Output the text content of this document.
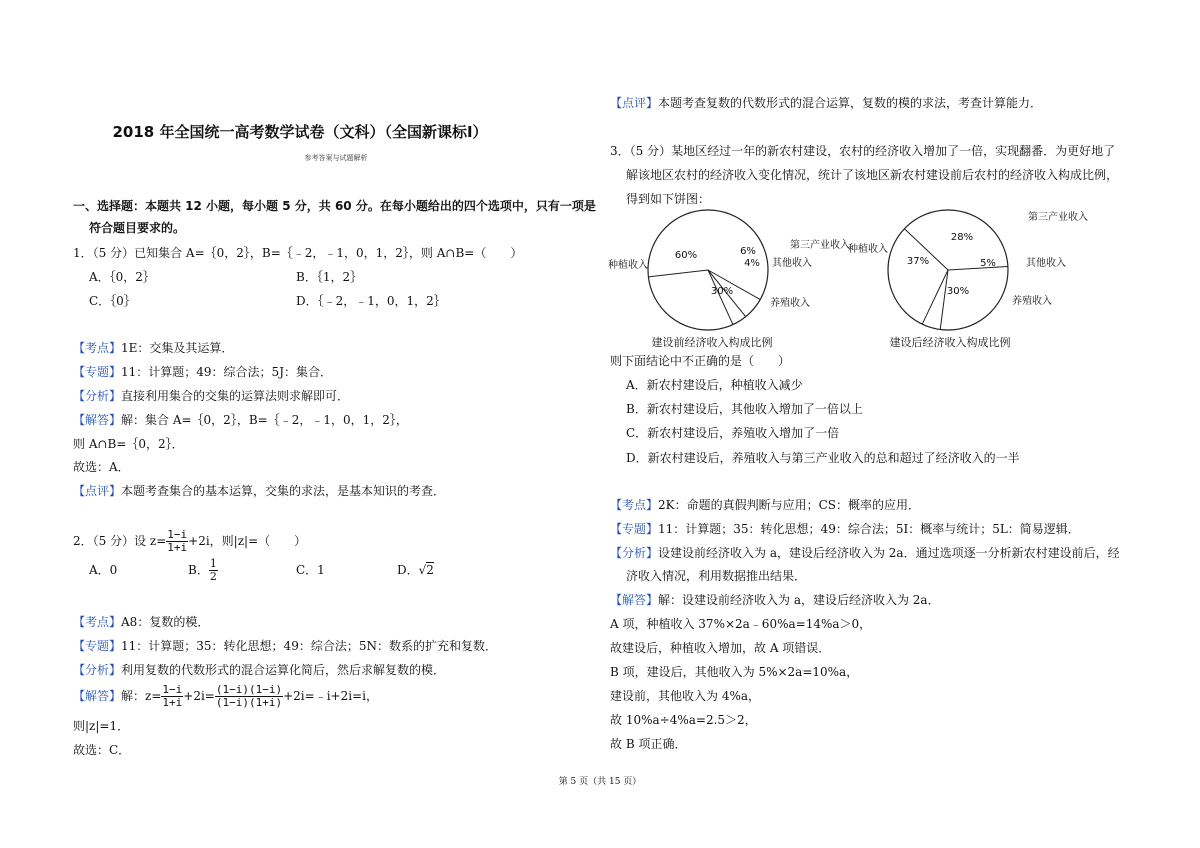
2018 年全国统一高考数学试卷（文科）（全国新课标Ⅰ）
参考答案与试题解析
一、选择题：本题共 12 小题，每小题 5 分，共 60 分。在每小题给出的四个选项中，只有一项是
符合题目要求的。
1．（5 分）已知集合 A=｛0，2｝，B=｛﹣2，﹣1，0，1，2｝，则 A∩B=（　　）
A．｛0，2｝	B．｛1，2｝
C．｛0｝	D．｛﹣2，﹣1，0，1，2｝
【考点】1E：交集及其运算．
【专题】11：计算题；49：综合法；5J：集合．
【分析】直接利用集合的交集的运算法则求解即可．
【解答】解：集合 A=｛0，2｝，B=｛﹣2，﹣1，0，1，2｝，
则 A∩B=｛0，2｝．
故选：A．
【点评】本题考查集合的基本运算，交集的求法，是基本知识的考查．
2．（5 分）设 $z= \frac{1-i}{1+i} +2i$，则|z|=（　　）
A．0	B． $\frac{1}{2}$	C．1	D．√2
【考点】A8：复数的模．
【专题】11：计算题；35：转化思想；49：综合法；5N：数系的扩充和复数．
【分析】利用复数的代数形式的混合运算化简后，然后求解复数的模．
【解答】解：$z= \frac{1-i}{1+i} +2i= \frac{(1-i)(1-i)}{(1-i)(1+i)}$ +2i=﹣i+2i=i，
则|z|=1．
故选：C．
【点评】本题考查复数的代数形式的混合运算，复数的模的求法，考查计算能力．
3．（5 分）某地区经过一年的新农村建设，农村的经济收入增加了一倍，实现翻番．为更好地了
解该地区农村的经济收入变化情况，统计了该地区新农村建设前后农村的经济收入构成比例，
得到如下饼图：
60%	6%
4%
30%
种植收入
第三产业收入
其他收入
养殖收入
建设前经济收入构成比例
37%
28%
5%
30%
种植收入
第三产业收入
其他收入
养殖收入
建设后经济收入构成比例
则下面结论中不正确的是（　　）
A．新农村建设后，种植收入减少
B．新农村建设后，其他收入增加了一倍以上
C．新农村建设后，养殖收入增加了一倍
D．新农村建设后，养殖收入与第三产业收入的总和超过了经济收入的一半
【考点】2K：命题的真假判断与应用；CS：概率的应用．
【专题】11：计算题；35：转化思想；49：综合法；5I：概率与统计；5L：简易逻辑．
【分析】设建设前经济收入为 a，建设后经济收入为 2a．通过选项逐一分析新农村建设前后，经
济收入情况，利用数据推出结果．
【解答】解：设建设前经济收入为 a，建设后经济收入为 2a．
A 项，种植收入 37%×2a﹣60%a=14%a＞0，
故建设后，种植收入增加，故 A 项错误．
B 项，建设后，其他收入为 5%×2a=10%a，
建设前，其他收入为 4%a，
故 10%a÷4%a=2.5＞2，
故 B 项正确．
第 5 页（共 15 页）
